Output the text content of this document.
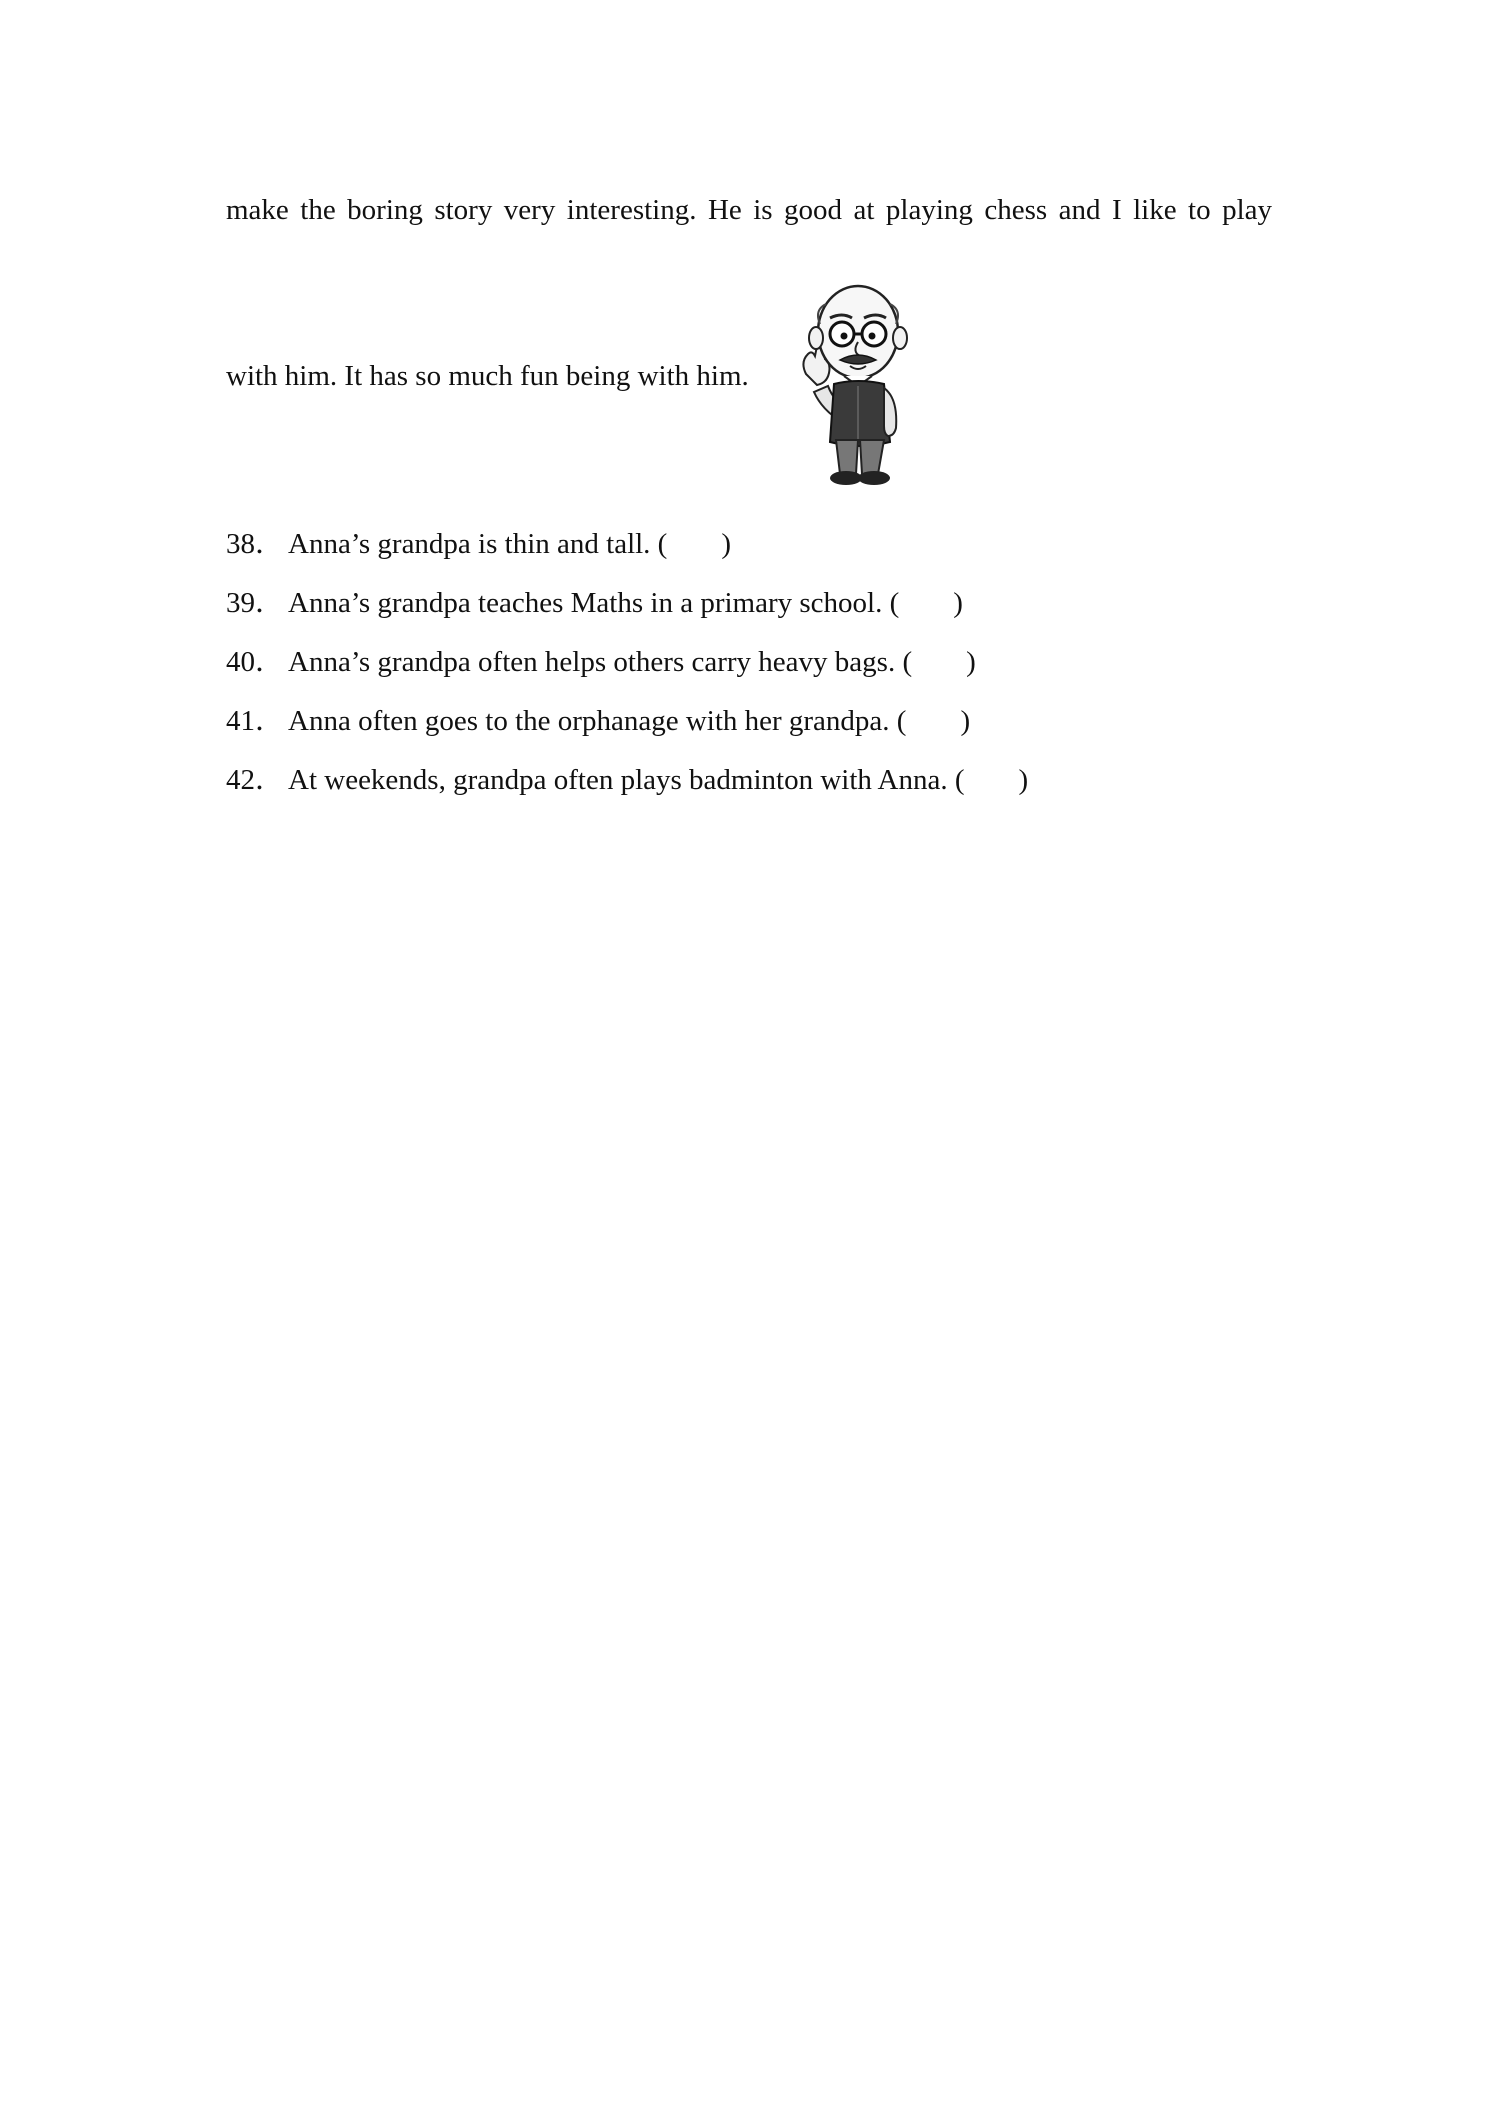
make the boring story very interesting. He is good at playing chess and I like to play
with him. It has so much fun being with him.
38． Anna’s grandpa is thin and tall. ( )
39． Anna’s grandpa teaches Maths in a primary school. ( )
40． Anna’s grandpa often helps others carry heavy bags. ( )
41． Anna often goes to the orphanage with her grandpa. ( )
42． At weekends, grandpa often plays badminton with Anna. ( )
